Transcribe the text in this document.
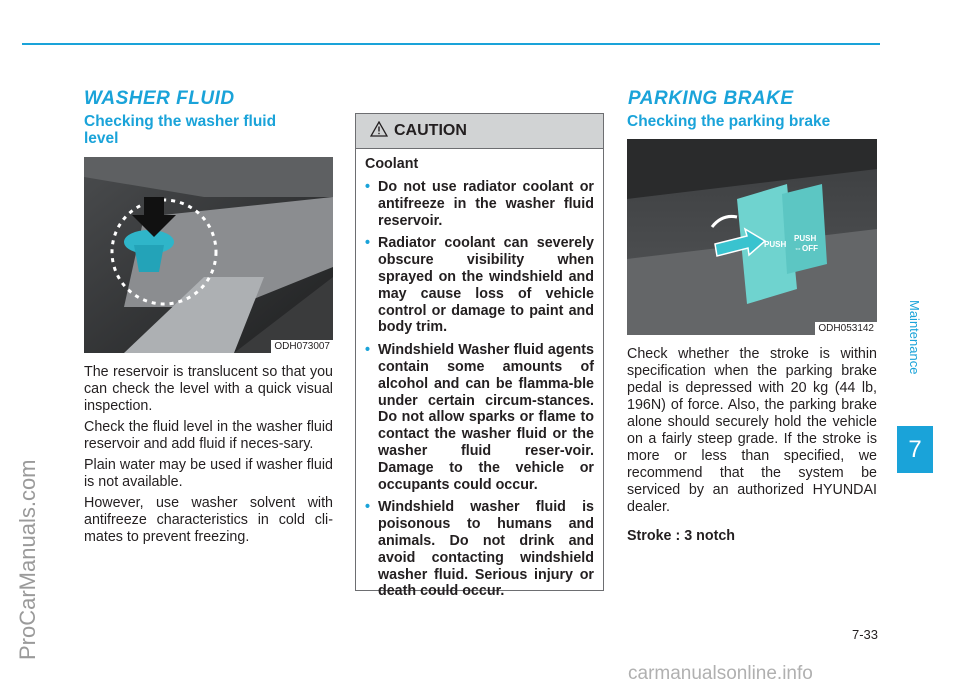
WASHER FLUID
Checking the washer fluid
level
ODH073007

The reservoir is translucent so that you can check the level with a quick visual inspection.

Check the fluid level in the washer fluid reservoir and add fluid if neces-sary.

Plain water may be used if washer fluid is not available.

However, use washer solvent with antifreeze characteristics in cold cli-mates to prevent freezing.

CAUTION
Coolant
• Do not use radiator coolant or antifreeze in the washer fluid reservoir.
• Radiator coolant can severely obscure visibility when sprayed on the windshield and may cause loss of vehicle control or damage to paint and body trim.
• Windshield Washer fluid agents contain some amounts of alcohol and can be flamma-ble under certain circum-stances. Do not allow sparks or flame to contact the washer fluid or the washer fluid reser-voir. Damage to the vehicle or occupants could occur.
• Windshield washer fluid is poisonous to humans and animals. Do not drink and avoid contacting windshield washer fluid. Serious injury or death could occur.
PARKING BRAKE
Checking the parking brake
PUSH
PUSH
⇔OFF
ODH053142

Check whether the stroke is within specification when the parking brake pedal is depressed with 20 kg (44 lb, 196N) of force. Also, the parking brake alone should securely hold the vehicle on a fairly steep grade. If the stroke is more or less than specified, we recommend that the system be serviced by an authorized HYUNDAI dealer.

Stroke : 3 notch

Maintenance
7
7-33
ProCarManuals.com
carmanualsonline.info
